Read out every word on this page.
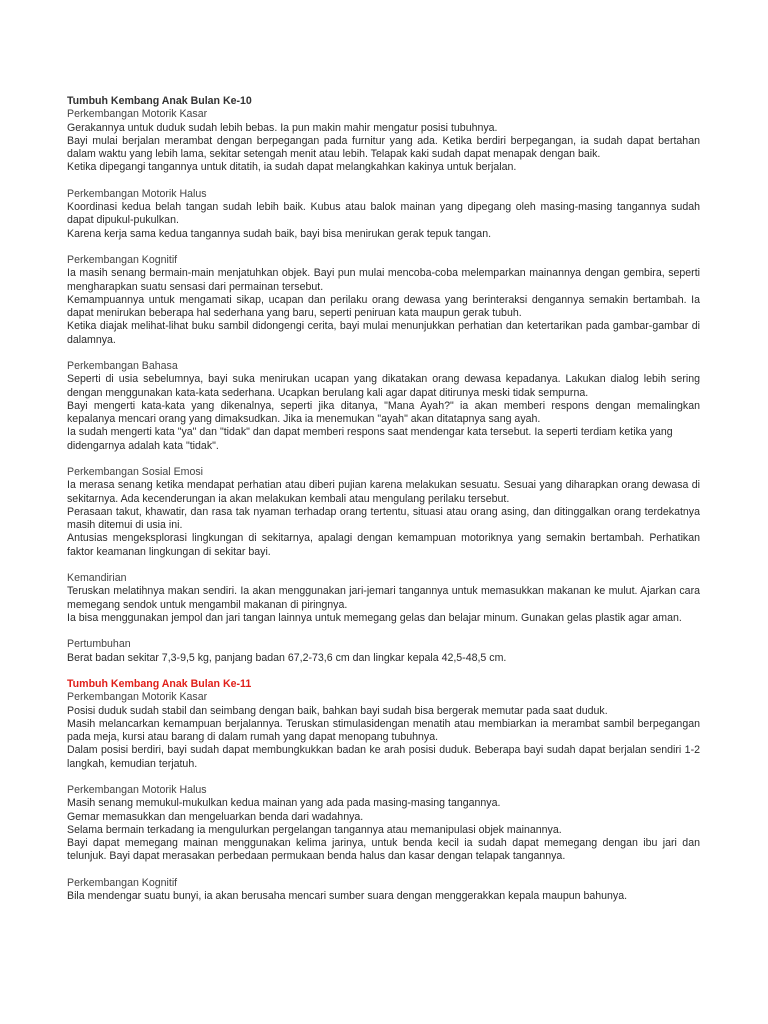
Tumbuh Kembang Anak Bulan Ke-10
Perkembangan Motorik Kasar
Gerakannya untuk duduk sudah lebih bebas. Ia pun makin mahir mengatur posisi tubuhnya.
Bayi mulai berjalan merambat dengan berpegangan pada furnitur yang ada. Ketika berdiri berpegangan, ia sudah dapat bertahan dalam waktu yang lebih lama, sekitar setengah menit atau lebih. Telapak kaki sudah dapat menapak dengan baik.
Ketika dipegangi tangannya untuk ditatih, ia sudah dapat melangkahkan kakinya untuk berjalan.
Perkembangan Motorik Halus
Koordinasi kedua belah tangan sudah lebih baik. Kubus atau balok mainan yang dipegang oleh masing-masing tangannya sudah dapat dipukul-pukulkan.
Karena kerja sama kedua tangannya sudah baik, bayi bisa menirukan gerak tepuk tangan.
Perkembangan Kognitif
Ia masih senang bermain-main menjatuhkan objek. Bayi pun mulai mencoba-coba melemparkan mainannya dengan gembira, seperti mengharapkan suatu sensasi dari permainan tersebut.
Kemampuannya untuk mengamati sikap, ucapan dan perilaku orang dewasa yang berinteraksi dengannya semakin bertambah. Ia dapat menirukan beberapa hal sederhana yang baru, seperti peniruan kata maupun gerak tubuh.
Ketika diajak melihat-lihat buku sambil didongengi cerita, bayi mulai menunjukkan perhatian dan ketertarikan pada gambar-gambar di dalamnya.
Perkembangan Bahasa
Seperti di usia sebelumnya, bayi suka menirukan ucapan yang dikatakan orang dewasa kepadanya. Lakukan dialog lebih sering dengan menggunakan kata-kata sederhana. Ucapkan berulang kali agar dapat ditirunya meski tidak sempurna.
Bayi mengerti kata-kata yang dikenalnya, seperti jika ditanya, "Mana Ayah?" ia akan memberi respons dengan memalingkan kepalanya mencari orang yang dimaksudkan. Jika ia menemukan "ayah" akan ditatapnya sang ayah.
Ia sudah mengerti kata "ya" dan "tidak" dan dapat memberi respons saat mendengar kata tersebut. Ia seperti terdiam ketika yang didengarnya adalah kata "tidak".
Perkembangan Sosial Emosi
Ia merasa senang ketika mendapat perhatian atau diberi pujian karena melakukan sesuatu. Sesuai yang diharapkan orang dewasa di sekitarnya. Ada kecenderungan ia akan melakukan kembali atau mengulang perilaku tersebut.
Perasaan takut, khawatir, dan rasa tak nyaman terhadap orang tertentu, situasi atau orang asing, dan ditinggalkan orang terdekatnya masih ditemui di usia ini.
Antusias mengeksplorasi lingkungan di sekitarnya, apalagi dengan kemampuan motoriknya yang semakin bertambah. Perhatikan faktor keamanan lingkungan di sekitar bayi.
Kemandirian
Teruskan melatihnya makan sendiri. Ia akan menggunakan jari-jemari tangannya untuk memasukkan makanan ke mulut. Ajarkan cara memegang sendok untuk mengambil makanan di piringnya.
Ia bisa menggunakan jempol dan jari tangan lainnya untuk memegang gelas dan belajar minum. Gunakan gelas plastik agar aman.
Pertumbuhan
Berat badan sekitar 7,3-9,5 kg, panjang badan 67,2-73,6 cm dan lingkar kepala 42,5-48,5 cm.
Tumbuh Kembang Anak Bulan Ke-11
Perkembangan Motorik Kasar
Posisi duduk sudah stabil dan seimbang dengan baik, bahkan bayi sudah bisa bergerak memutar pada saat duduk.
Masih melancarkan kemampuan berjalannya. Teruskan stimulasidengan menatih atau membiarkan ia merambat sambil berpegangan pada meja, kursi atau barang di dalam rumah yang dapat menopang tubuhnya.
Dalam posisi berdiri, bayi sudah dapat membungkukkan badan ke arah posisi duduk. Beberapa bayi sudah dapat berjalan sendiri 1-2 langkah, kemudian terjatuh.
Perkembangan Motorik Halus
Masih senang memukul-mukulkan kedua mainan yang ada pada masing-masing tangannya.
Gemar memasukkan dan mengeluarkan benda dari wadahnya.
Selama bermain terkadang ia mengulurkan pergelangan tangannya atau memanipulasi objek mainannya.
Bayi dapat memegang mainan menggunakan kelima jarinya, untuk benda kecil ia sudah dapat memegang dengan ibu jari dan telunjuk. Bayi dapat merasakan perbedaan permukaan benda halus dan kasar dengan telapak tangannya.
Perkembangan Kognitif
Bila mendengar suatu bunyi, ia akan berusaha mencari sumber suara dengan menggerakkan kepala maupun bahunya.
